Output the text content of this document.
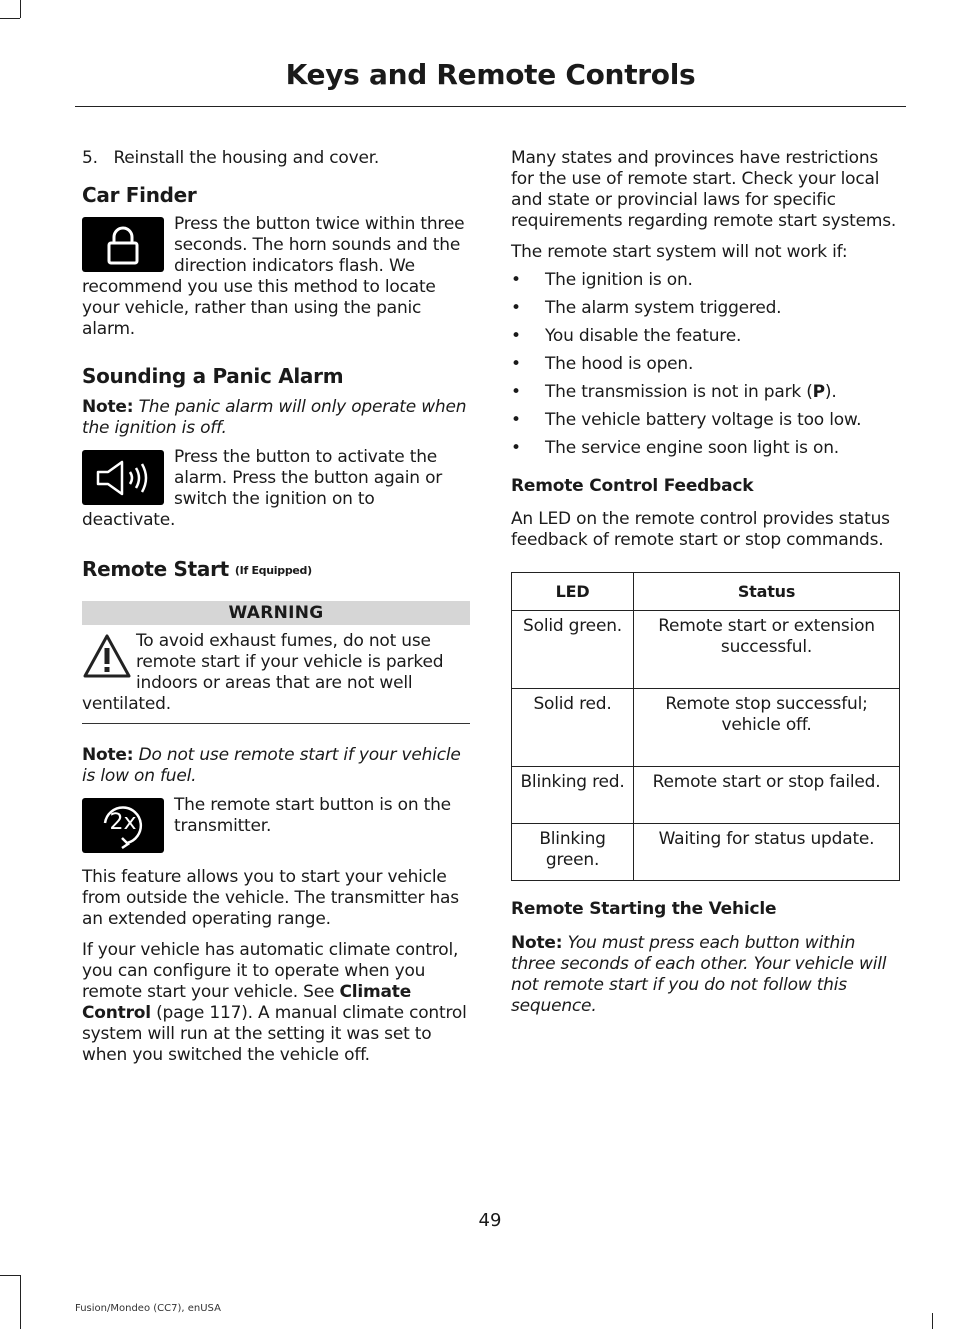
Keys and Remote Controls

5. Reinstall the housing and cover.

Car Finder

Press the button twice within three seconds. The horn sounds and the direction indicators flash. We recommend you use this method to locate your vehicle, rather than using the panic alarm.

Sounding a Panic Alarm

Note: The panic alarm will only operate when the ignition is off.

Press the button to activate the alarm. Press the button again or switch the ignition on to deactivate.

Remote Start (If Equipped)
WARNING

To avoid exhaust fumes, do not use remote start if your vehicle is parked indoors or areas that are not well ventilated.

Note: Do not use remote start if your vehicle is low on fuel.

2x

The remote start button is on the transmitter.

This feature allows you to start your vehicle from outside the vehicle. The transmitter has an extended operating range.

If your vehicle has automatic climate control, you can configure it to operate when you remote start your vehicle. See Climate Control (page 117). A manual climate control system will run at the setting it was set to when you switched the vehicle off.

Many states and provinces have restrictions for the use of remote start. Check your local and state or provincial laws for specific requirements regarding remote start systems.

The remote start system will not work if:

• The ignition is on.
• The alarm system triggered.
• You disable the feature.
• The hood is open.
• The transmission is not in park (P).
• The vehicle battery voltage is too low.
• The service engine soon light is on.
Remote Control Feedback

An LED on the remote control provides status feedback of remote start or stop commands.

LED	Status
Solid green.	Remote start or extension successful.
Solid red.	Remote stop successful; vehicle off.
Blinking red.	Remote start or stop failed.
Blinking green.	Waiting for status update.
Remote Starting the Vehicle

Note: You must press each button within three seconds of each other. Your vehicle will not remote start if you do not follow this sequence.

49
Fusion/Mondeo (CC7), enUSA
